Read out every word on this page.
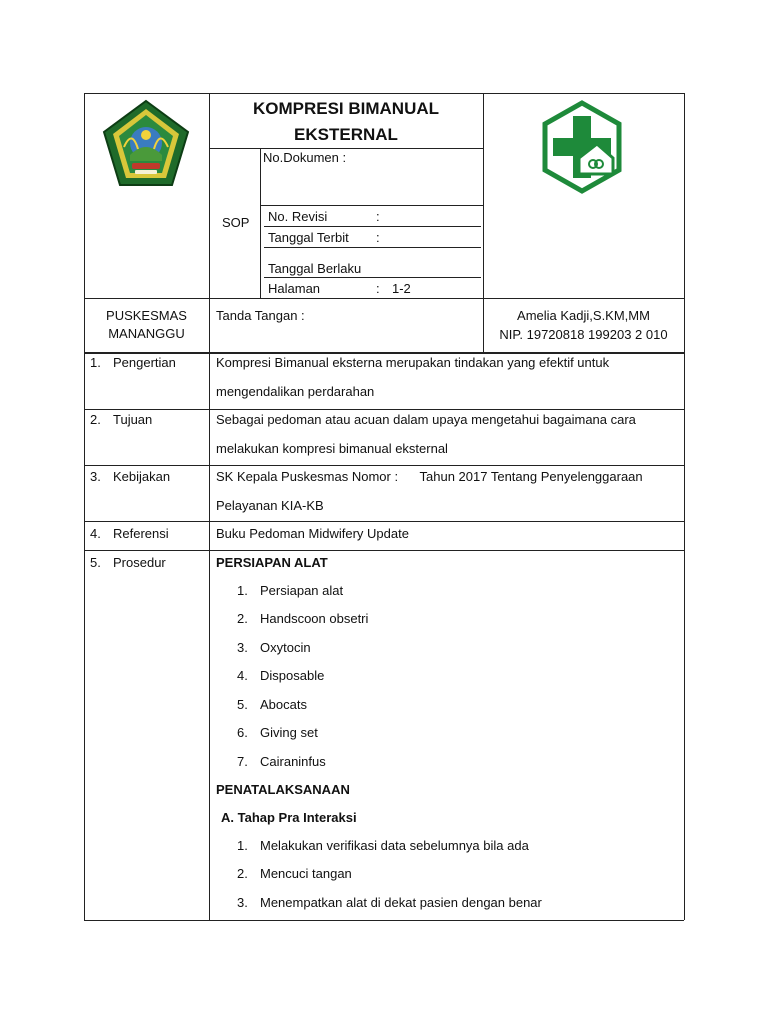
KOMPRESI BIMANUAL
EKSTERNAL
SOP
No.Dokumen :
No. Revisi	:
Tanggal Terbit :
Tanggal Berlaku
Halaman	: 1-2
PUSKESMAS
MANANGGU
Tanda Tangan :	Amelia Kadji,S.KM,MM
NIP. 19720818 199203 2 010
1. Pengertian	Kompresi Bimanual eksterna merupakan tindakan yang efektif untuk
mengendalikan perdarahan
2. Tujuan	Sebagai pedoman atau acuan dalam upaya mengetahui bagaimana cara
melakukan kompresi bimanual eksternal
3. Kebijakan	SK Kepala Puskesmas Nomor :      Tahun 2017 Tentang Penyelenggaraan
Pelayanan KIA-KB
4. Referensi	Buku Pedoman Midwifery Update
5. Prosedur	PERSIAPAN ALAT
1. Persiapan alat
2. Handscoon obsetri
3. Oxytocin
4. Disposable
5. Abocats
6. Giving set
7. Cairaninfus
PENATALAKSANAAN
A. Tahap Pra Interaksi
1. Melakukan verifikasi data sebelumnya bila ada
2. Mencuci tangan
3. Menempatkan alat di dekat pasien dengan benar
